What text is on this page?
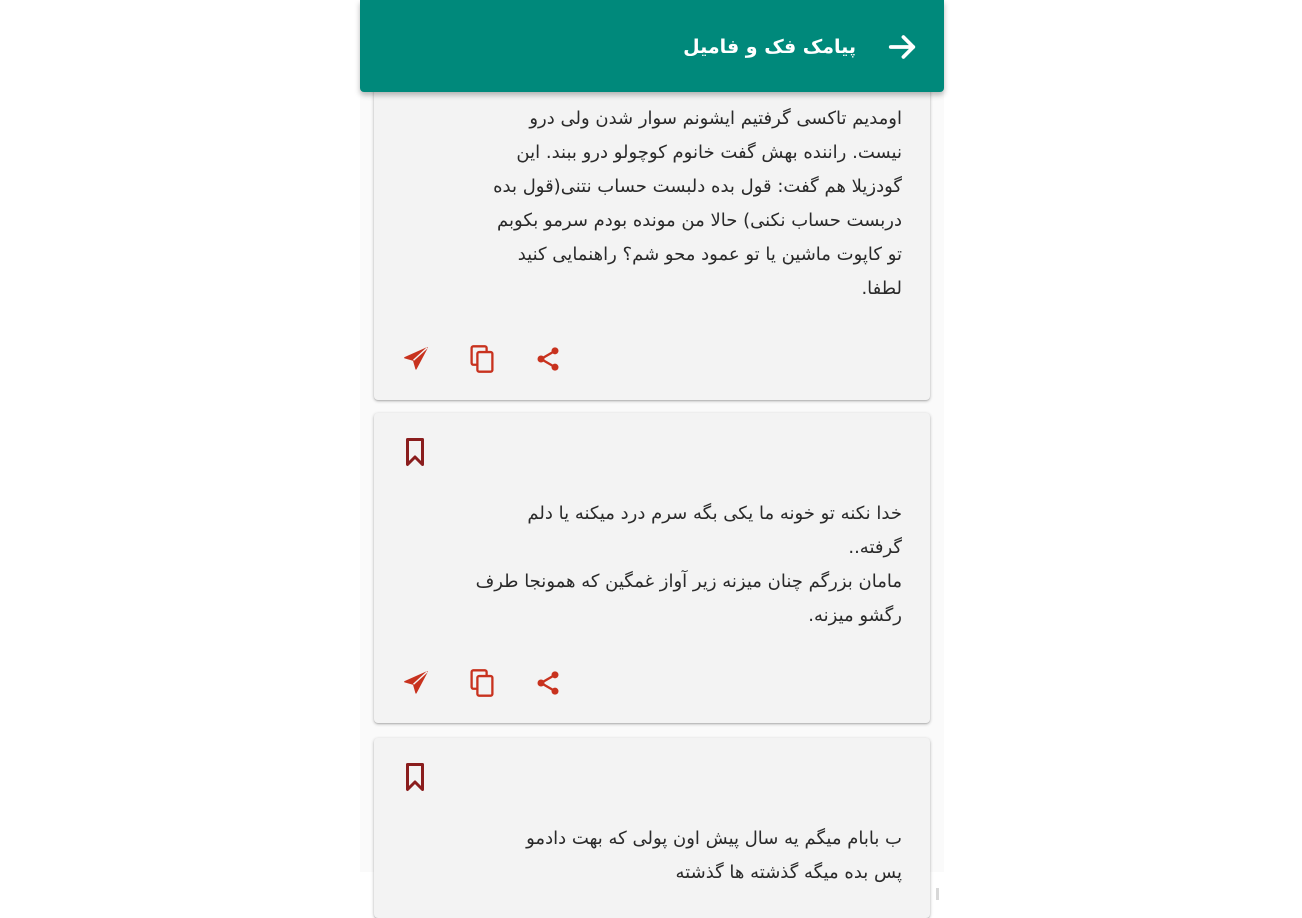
اومدیم تاکسی گرفتیم ایشونم سوار شدن ولی درو
نیست. راننده بهش گفت خانوم کوچولو درو ببند. این
گودزیلا هم گفت: قول بده دلبست حساب نتنی(قول بده
دربست حساب نکنی) حالا من مونده بودم سرمو بکوبم
تو کاپوت ماشین یا تو عمود محو شم؟ راهنمایی کنید
لطفا.
خدا نکنه تو خونه ما یکی بگه سرم درد میکنه یا دلم
گرفته..
مامان بزرگم چنان میزنه زیر آواز غمگین که همونجا طرف
رگشو میزنه.
ب بابام میگم یه سال پیش اون پولی که بهت دادمو
پس بده میگه گذشته ها گذشته
پیامک فک و فامیل
